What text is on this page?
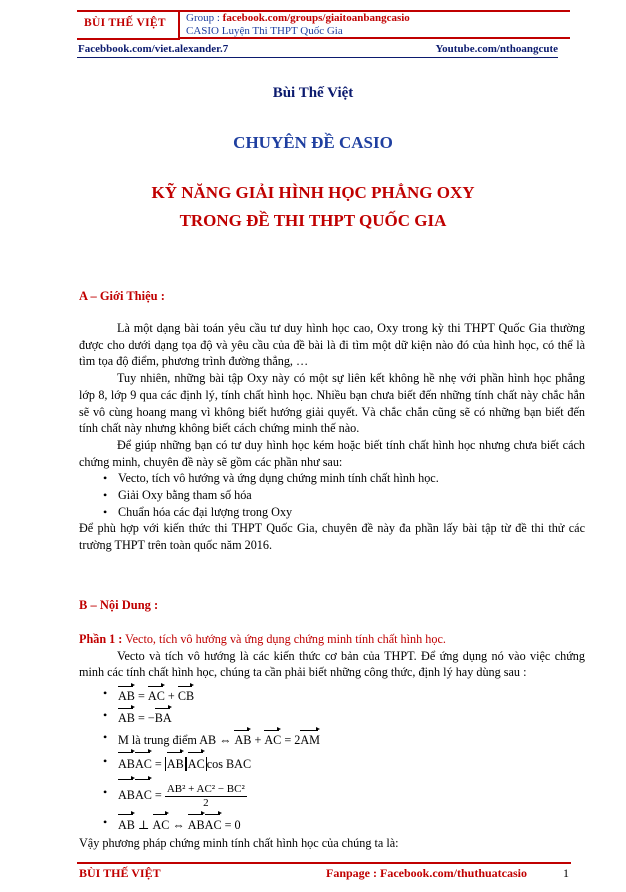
BÙI THẾ VIỆT Group : facebook.com/groups/giaitoanbangcasio
CASIO Luyện Thi THPT Quốc Gia
Facebbook.com/viet.alexander.7	Youtube.com/nthoangcute
Bùi Thế Việt
CHUYÊN ĐỀ CASIO
KỸ NĂNG GIẢI HÌNH HỌC PHẲNG OXY
TRONG ĐỀ THI THPT QUỐC GIA
A – Giới Thiệu :
Là một dạng bài toán yêu cầu tư duy hình học cao, Oxy trong kỳ thi THPT Quốc Gia thường được cho dưới dạng tọa độ và yêu cầu của đề bài là đi tìm một dữ kiện nào đó của hình học, có thể là tìm tọa độ điểm, phương trình đường thẳng, …
Tuy nhiên, những bài tập Oxy này có một sự liên kết không hề nhẹ với phần hình học phẳng lớp 8, lớp 9 qua các định lý, tính chất hình học. Nhiều bạn chưa biết đến những tính chất này chắc hẳn sẽ vô cùng hoang mang vì không biết hướng giải quyết. Và chắc chắn cũng sẽ có những bạn biết đến tính chất này nhưng không biết cách chứng minh thế nào.
Để giúp những bạn có tư duy hình học kém hoặc biết tính chất hình học nhưng chưa biết cách chứng minh, chuyên đề này sẽ gồm các phần như sau:
• Vecto, tích vô hướng và ứng dụng chứng minh tính chất hình học.
• Giải Oxy bằng tham số hóa
• Chuẩn hóa các đại lượng trong Oxy
Để phù hợp với kiến thức thi THPT Quốc Gia, chuyên đề này đa phần lấy bài tập từ đề thi thử các trường THPT trên toàn quốc năm 2016.
B – Nội Dung :
Phần 1 : Vecto, tích vô hướng và ứng dụng chứng minh tính chất hình học.
Vecto và tích vô hướng là các kiến thức cơ bản của THPT. Để ứng dụng nó vào việc chứng minh các tính chất hình học, chúng ta cần phải biết những công thức, định lý hay dùng sau :
• AB = AC + CB
• AB = −BA
• M là trung điểm AB ⇔ AB + AC = 2AM
• ABAC = AB AC cos BAC
• ABAC = $\frac{\text{AB² + AC² − BC²}}{2}$
• AB ⊥ AC ⇔ ABAC = 0
Vậy phương pháp chứng minh tính chất hình học của chúng ta là:
BÙI THẾ VIỆT	Fanpage : Facebook.com/thuthuatcasio	1
